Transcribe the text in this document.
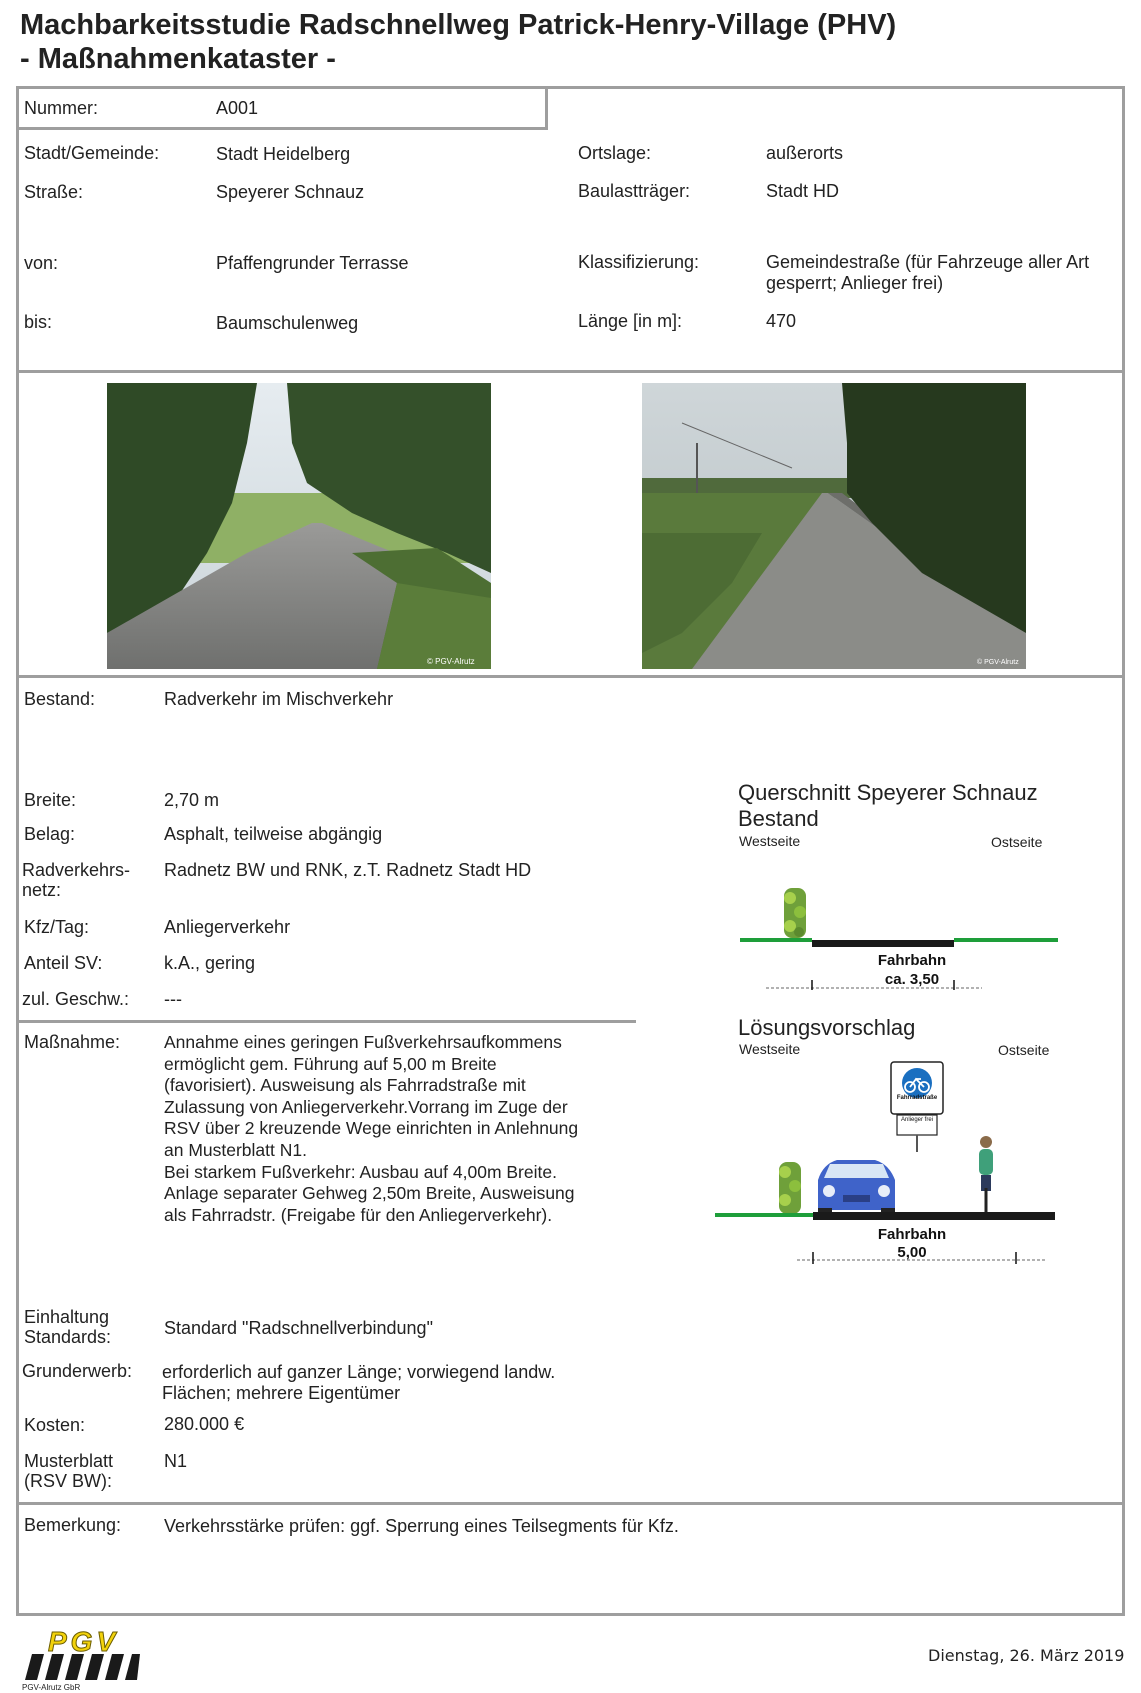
Machbarkeitsstudie Radschnellweg Patrick-Henry-Village (PHV)
- Maßnahmenkataster -
Nummer:	A001
Stadt/Gemeinde:	Stadt Heidelberg	Ortslage:	außerorts
Straße:	Speyerer Schnauz	Baulastträger:	Stadt HD
von:	Pfaffengrunder Terrasse	Klassifizierung:	Gemeindestraße (für Fahrzeuge aller Art
gesperrt; Anlieger frei)
bis:	Baumschulenweg	Länge [in m]:	470
© PGV-Alrutz	© PGV-Alrutz
Bestand:	Radverkehr im Mischverkehr
Breite:	2,70 m
Belag:	Asphalt, teilweise abgängig
Radverkehrs-
netz:
Radnetz BW und RNK, z.T. Radnetz Stadt HD
Kfz/Tag:	Anliegerverkehr
Anteil SV:	k.A., gering
zul. Geschw.: ---
Maßnahme:	Annahme eines geringen Fußverkehrsaufkommens
ermöglicht gem. Führung auf 5,00 m Breite
(favorisiert). Ausweisung als Fahrradstraße mit
Zulassung von Anliegerverkehr.Vorrang im Zuge der
RSV über 2 kreuzende Wege einrichten in Anlehnung
an Musterblatt N1.
Bei starkem Fußverkehr: Ausbau auf 4,00m Breite.
Anlage separater Gehweg 2,50m Breite, Ausweisung
als Fahrradstr. (Freigabe für den Anliegerverkehr).
Querschnitt Speyerer Schnauz
Bestand
Westseite	Ostseite
Fahrbahn
ca. 3,50
Lösungsvorschlag
Westseite	Ostseite
Fahrradstraße
Anlieger frei
Fahrbahn
5,00
Einhaltung
Standards:	Standard "Radschnellverbindung"
Grunderwerb: erforderlich auf ganzer Länge; vorwiegend landw.
Flächen; mehrere Eigentümer
Kosten:	280.000 €
Musterblatt
(RSV BW):
N1
Bemerkung: Verkehrsstärke prüfen: ggf. Sperrung eines Teilsegments für Kfz.
PGV
PGV-Alrutz GbR
Dienstag, 26. März 2019
